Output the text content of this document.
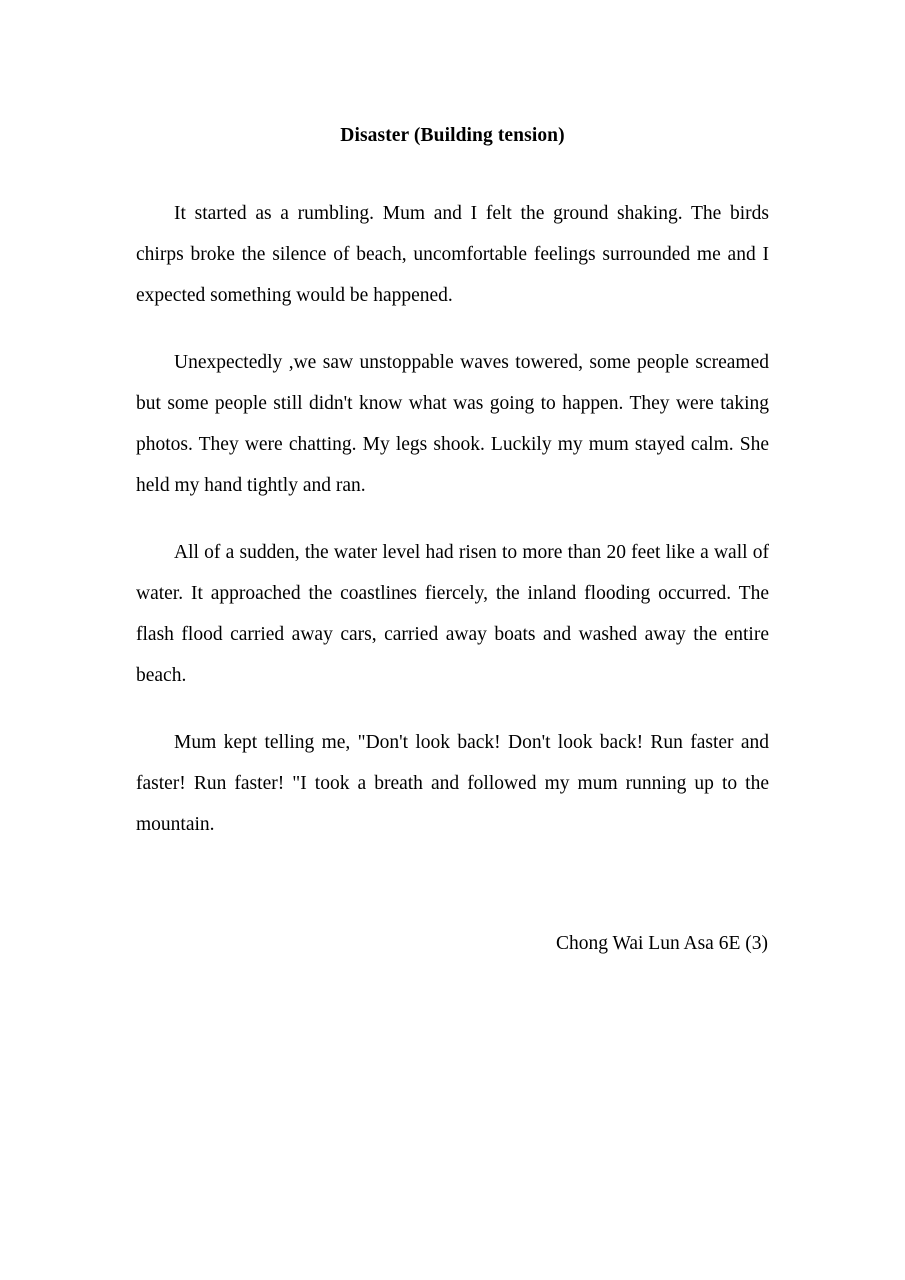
Disaster (Building tension)

It started as a rumbling. Mum and I felt the ground shaking. The birds chirps broke the silence of beach, uncomfortable feelings surrounded me and I expected something would be happened.

Unexpectedly ,we saw unstoppable waves towered, some people screamed but some people still didn't know what was going to happen. They were taking photos. They were chatting. My legs shook. Luckily my mum stayed calm. She held my hand tightly and ran.

All of a sudden, the water level had risen to more than 20 feet like a wall of water. It approached the coastlines fiercely, the inland flooding occurred. The flash flood carried away cars, carried away boats and washed away the entire beach.

Mum kept telling me, "Don't look back! Don't look back! Run faster and faster! Run faster! "I took a breath and followed my mum running up to the mountain.

Chong Wai Lun Asa 6E (3)
